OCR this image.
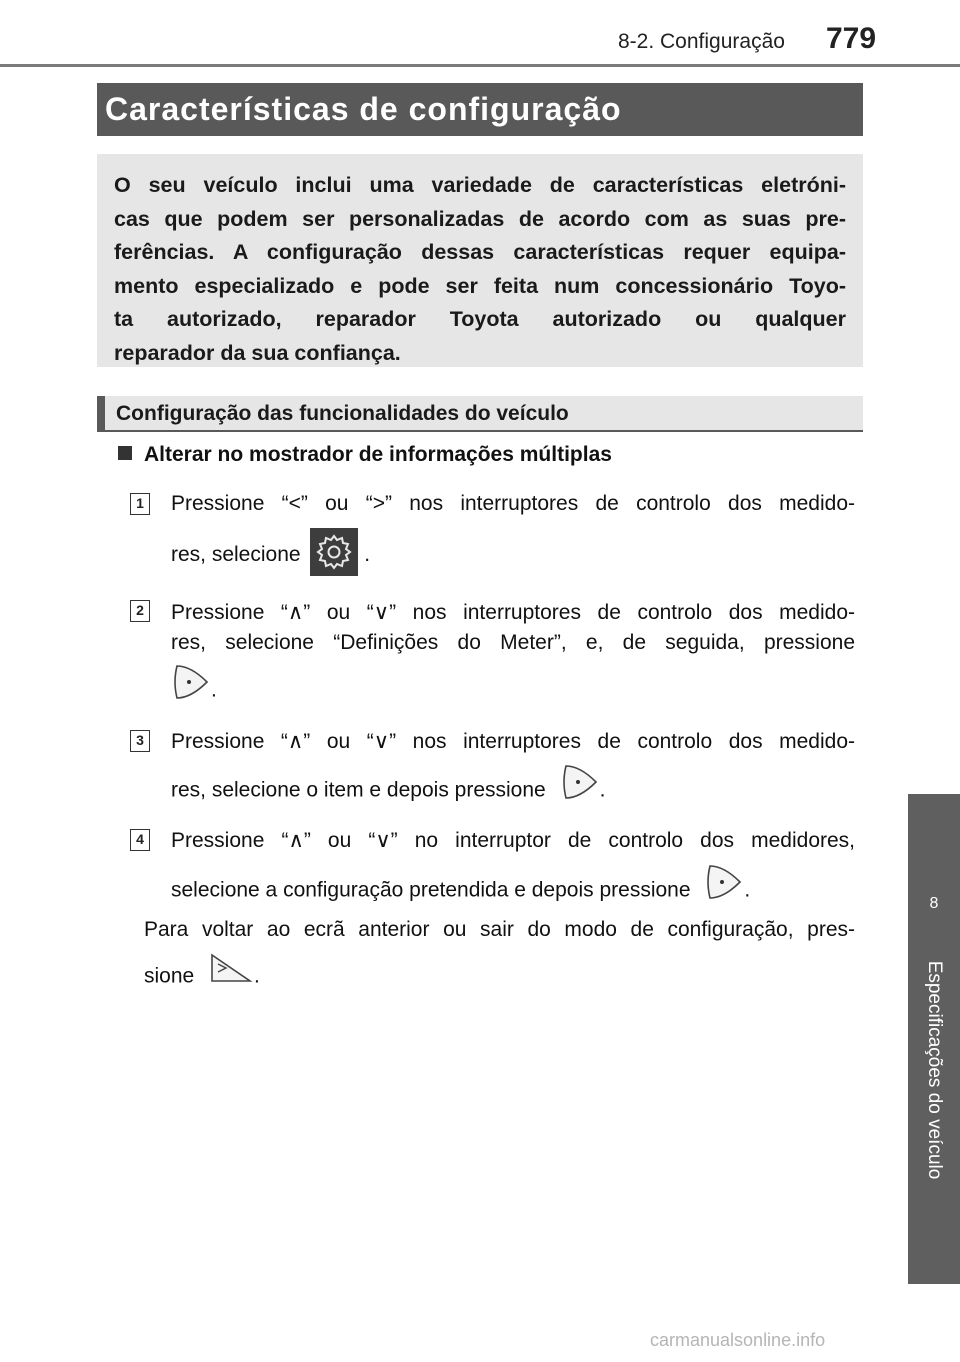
8-2. Configuração 779
Características de configuração
O seu veículo inclui uma variedade de características eletróni-
cas que podem ser personalizadas de acordo com as suas pre-
ferências. A configuração dessas características requer equipa-
mento especializado e pode ser feita num concessionário Toyo-
ta autorizado, reparador Toyota autorizado ou qualquer
reparador da sua confiança.
Configuração das funcionalidades do veículo
Alterar no mostrador de informações múltiplas
1 Pressione “<” ou “>” nos interruptores de controlo dos medido-
res, selecione	.
2 Pressione “∧” ou “∨” nos interruptores de controlo dos medido-
res, selecione “Definições do Meter”, e, de seguida, pressione
.
3 Pressione “∧” ou “∨” nos interruptores de controlo dos medido-
res, selecione o item e depois pressione	.
4 Pressione “∧” ou “∨” no interruptor de controlo dos medidores,
selecione a configuração pretendida e depois pressione	.
Para voltar ao ecrã anterior ou sair do modo de configuração, pres-
sione	.
8
Especificações do veículo
carmanualsonline.info
